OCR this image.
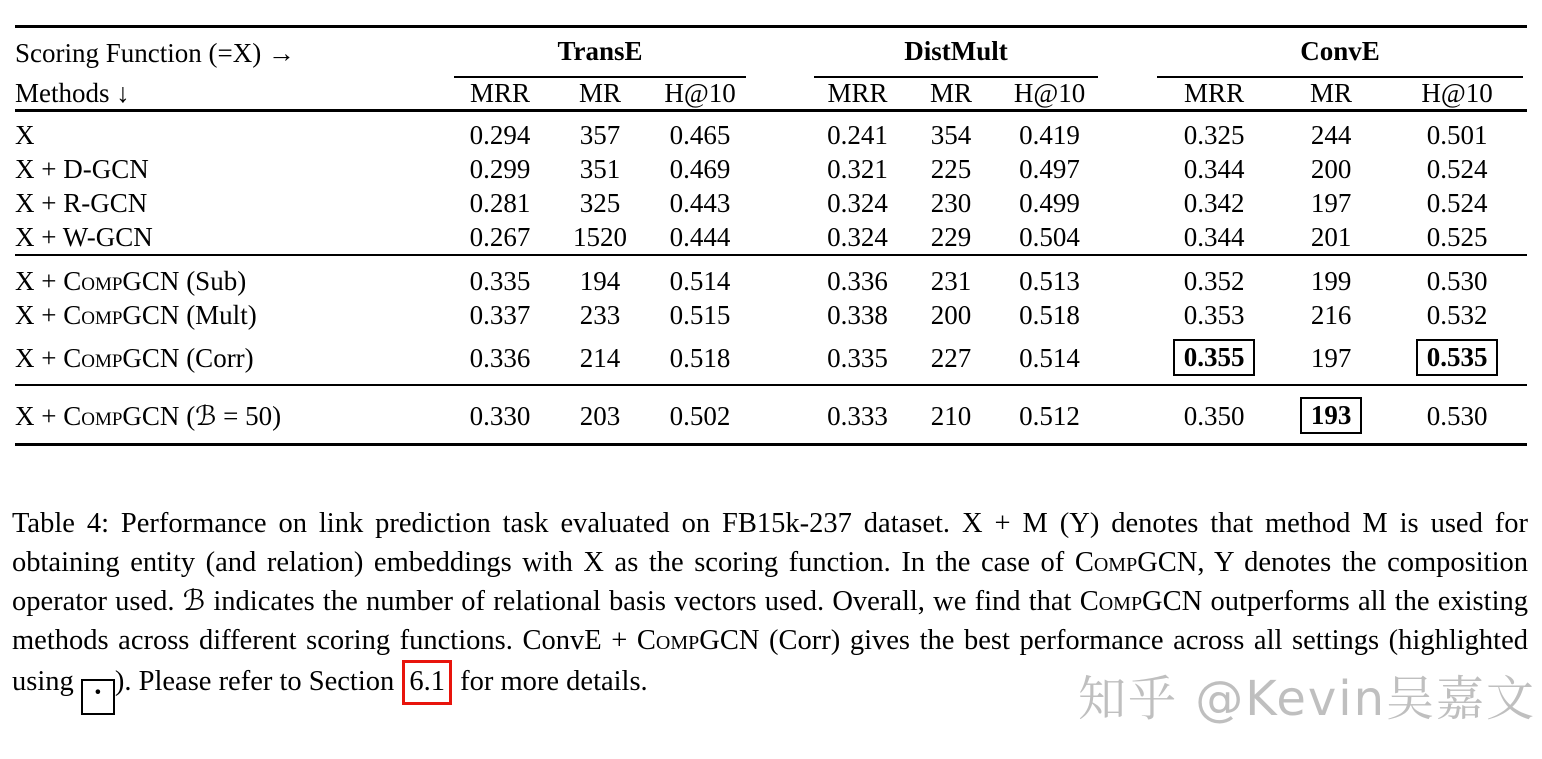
Scoring Function (=X) →	TransE				DistMult				ConvE		

Methods ↓	MRR	MR	H@10		MRR	MR	H@10		MRR	MR	H@10
X	0.294	357	0.465		0.241	354	0.419		0.325	244	0.501
X + D-GCN	0.299	351	0.469		0.321	225	0.497		0.344	200	0.524
X + R-GCN	0.281	325	0.443		0.324	230	0.499		0.342	197	0.524
X + W-GCN	0.267	1520	0.444		0.324	229	0.504		0.344	201	0.525
X + CompGCN (Sub)	0.335	194	0.514		0.336	231	0.513		0.352	199	0.530
X + CompGCN (Mult)	0.337	233	0.515		0.338	200	0.518		0.353	216	0.532
X + CompGCN (Corr)	0.336	214	0.518		0.335	227	0.514		0.355	197	0.535
X + CompGCN (ℬ = 50)	0.330	203	0.502		0.333	210	0.512		0.350	193	0.530
Table 4: Performance on link prediction task evaluated on FB15k-237 dataset. X + M (Y) denotes that method M is used for obtaining entity (and relation) embeddings with X as the scoring function. In the case of CompGCN, Y denotes the composition operator used. ℬ indicates the number of relational basis vectors used. Overall, we find that CompGCN outperforms all the existing methods across different scoring functions. ConvE + CompGCN (Corr) gives the best performance across all settings (highlighted using · ). Please refer to Section 6.1 for more details.	知乎 @Kevin吴嘉文
